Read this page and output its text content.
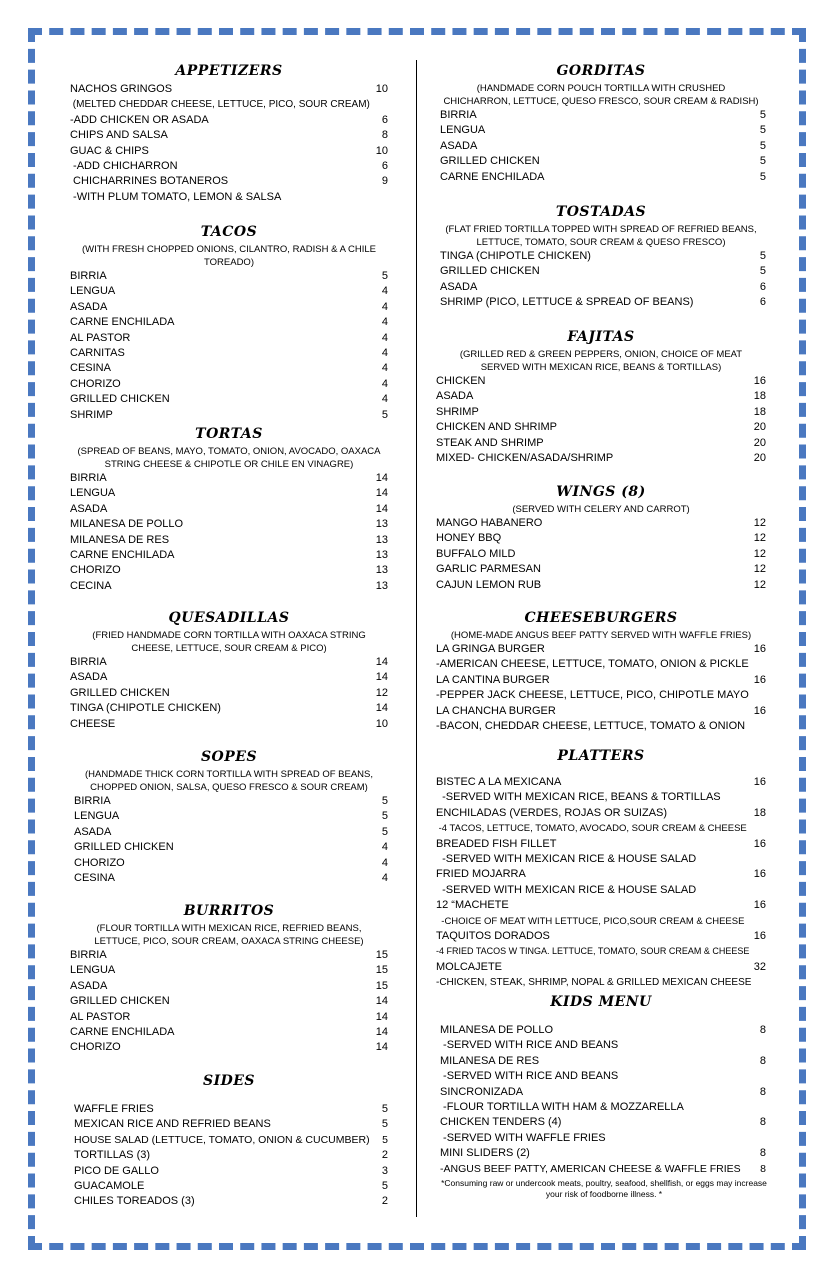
APPETIZERS
NACHOS GRINGOS	10
(MELTED CHEDDAR CHEESE, LETTUCE, PICO, SOUR CREAM)
-ADD CHICKEN OR ASADA	6
CHIPS AND SALSA	8
GUAC & CHIPS	10
-ADD CHICHARRON	6
CHICHARRINES BOTANEROS	9
-WITH PLUM TOMATO, LEMON & SALSA
TACOS
(WITH FRESH CHOPPED ONIONS, CILANTRO, RADISH & A CHILE TOREADO)
BIRRIA	5
LENGUA	4
ASADA	4
CARNE ENCHILADA	4
AL PASTOR	4
CARNITAS	4
CESINA	4
CHORIZO	4
GRILLED CHICKEN	4
SHRIMP	5
TORTAS
(SPREAD OF BEANS, MAYO, TOMATO, ONION, AVOCADO, OAXACA STRING CHEESE & CHIPOTLE OR CHILE EN VINAGRE)
BIRRIA	14
LENGUA	14
ASADA	14
MILANESA DE POLLO	13
MILANESA DE RES	13
CARNE ENCHILADA	13
CHORIZO	13
CECINA	13
QUESADILLAS
(FRIED HANDMADE CORN TORTILLA WITH OAXACA STRING CHEESE, LETTUCE, SOUR CREAM & PICO)
BIRRIA	14
ASADA	14
GRILLED CHICKEN	12
TINGA (CHIPOTLE CHICKEN)	14
CHEESE	10
SOPES
(HANDMADE THICK CORN TORTILLA WITH SPREAD OF BEANS, CHOPPED ONION, SALSA, QUESO FRESCO & SOUR CREAM)
BIRRIA	5
LENGUA	5
ASADA	5
GRILLED CHICKEN	4
CHORIZO	4
CESINA	4
BURRITOS
(FLOUR TORTILLA WITH MEXICAN RICE, REFRIED BEANS, LETTUCE, PICO, SOUR CREAM, OAXACA STRING CHEESE)
BIRRIA	15
LENGUA	15
ASADA	15
GRILLED CHICKEN	14
AL PASTOR	14
CARNE ENCHILADA	14
CHORIZO	14
SIDES
WAFFLE FRIES	5
MEXICAN RICE AND REFRIED BEANS	5
HOUSE SALAD (LETTUCE, TOMATO, ONION & CUCUMBER)	5
TORTILLAS (3)	2
PICO DE GALLO	3
GUACAMOLE	5
CHILES TOREADOS (3)	2
GORDITAS
(HANDMADE CORN POUCH TORTILLA WITH CRUSHED CHICHARRON, LETTUCE, QUESO FRESCO, SOUR CREAM & RADISH)
BIRRIA	5
LENGUA	5
ASADA	5
GRILLED CHICKEN	5
CARNE ENCHILADA	5
TOSTADAS
(FLAT FRIED TORTILLA TOPPED WITH SPREAD OF REFRIED BEANS, LETTUCE, TOMATO, SOUR CREAM & QUESO FRESCO)
TINGA (CHIPOTLE CHICKEN)	5
GRILLED CHICKEN	5
ASADA	6
SHRIMP (PICO, LETTUCE & SPREAD OF BEANS)	6
FAJITAS
(GRILLED RED & GREEN PEPPERS, ONION, CHOICE OF MEAT SERVED WITH MEXICAN RICE, BEANS & TORTILLAS)
CHICKEN	16
ASADA	18
SHRIMP	18
CHICKEN AND SHRIMP	20
STEAK AND SHRIMP	20
MIXED- CHICKEN/ASADA/SHRIMP	20
WINGS (8)
(SERVED WITH CELERY AND CARROT)
MANGO HABANERO	12
HONEY BBQ	12
BUFFALO MILD	12
GARLIC PARMESAN	12
CAJUN LEMON RUB	12
CHEESEBURGERS
(HOME-MADE ANGUS BEEF PATTY SERVED WITH WAFFLE FRIES)
LA GRINGA BURGER	16
-AMERICAN CHEESE, LETTUCE, TOMATO, ONION & PICKLE
LA CANTINA BURGER	16
-PEPPER JACK CHEESE, LETTUCE, PICO, CHIPOTLE MAYO
LA CHANCHA BURGER	16
-BACON, CHEDDAR CHEESE, LETTUCE, TOMATO & ONION
PLATTERS
BISTEC A LA MEXICANA	16
-SERVED WITH MEXICAN RICE, BEANS & TORTILLAS
ENCHILADAS (VERDES, ROJAS OR SUIZAS)	18
-4 TACOS, LETTUCE, TOMATO, AVOCADO, SOUR CREAM & CHEESE
BREADED FISH FILLET	16
-SERVED WITH MEXICAN RICE & HOUSE SALAD
FRIED MOJARRA	16
-SERVED WITH MEXICAN RICE & HOUSE SALAD
12 “MACHETE	16
-CHOICE OF MEAT WITH LETTUCE, PICO,SOUR CREAM & CHEESE
TAQUITOS DORADOS	16
-4 FRIED TACOS W TINGA. LETTUCE, TOMATO, SOUR CREAM & CHEESE
MOLCAJETE	32
-CHICKEN, STEAK, SHRIMP, NOPAL & GRILLED MEXICAN CHEESE
KIDS MENU
MILANESA DE POLLO	8
-SERVED WITH RICE AND BEANS
MILANESA DE RES	8
-SERVED WITH RICE AND BEANS
SINCRONIZADA	8
-FLOUR TORTILLA WITH HAM & MOZZARELLA
CHICKEN TENDERS (4)	8
-SERVED WITH WAFFLE FRIES
MINI SLIDERS (2)	8
-ANGUS BEEF PATTY, AMERICAN CHEESE & WAFFLE FRIES	8
*Consuming raw or undercook meats, poultry, seafood, shellfish, or eggs may increase your risk of foodborne illness. *
